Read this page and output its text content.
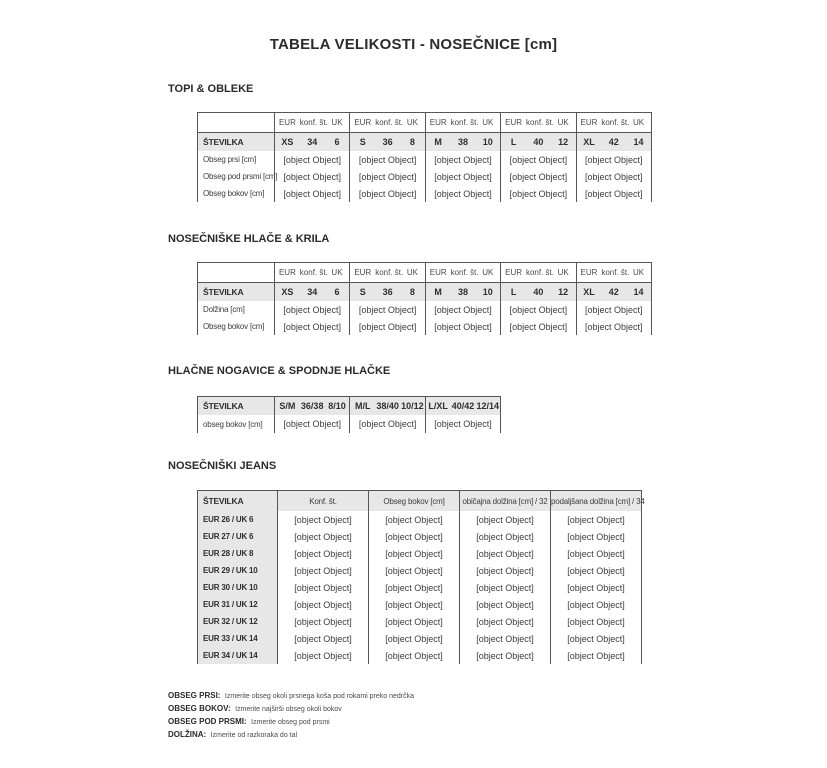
TABELA VELIKOSTI - NOSEČNICE [cm]
TOPI & OBLEKE
	EUR	konf. št.	UK	EUR	konf. št.	UK	EUR	konf. št.	UK	EUR	konf. št.	UK	EUR	konf. št.	UK
ŠTEVILKA	XS	34	6	S	36	8	M	38	10	L	40	12	XL	42	14
Obseg prsi [cm]	[object Object]			[object Object]			[object Object]			[object Object]			[object Object]		
Obseg pod prsmi [cm]	[object Object]			[object Object]			[object Object]			[object Object]			[object Object]		
Obseg bokov [cm]	[object Object]			[object Object]			[object Object]			[object Object]			[object Object]		
NOSEČNIŠKE HLAČE & KRILA
	EUR	konf. št.	UK	EUR	konf. št.	UK	EUR	konf. št.	UK	EUR	konf. št.	UK	EUR	konf. št.	UK
ŠTEVILKA	XS	34	6	S	36	8	M	38	10	L	40	12	XL	42	14
Dolžina [cm]	[object Object]			[object Object]			[object Object]			[object Object]			[object Object]		
Obseg bokov [cm]	[object Object]			[object Object]			[object Object]			[object Object]			[object Object]		
HLAČNE NOGAVICE & SPODNJE HLAČKE
ŠTEVILKA	S/M	36/38	8/10	M/L	38/40	10/12	L/XL	40/42	12/14
obseg bokov [cm]	[object Object]			[object Object]			[object Object]		
NOSEČNIŠKI JEANS
ŠTEVILKA	Konf. št.	Obseg bokov [cm]	običajna dolžina [cm] / 32	podaljšana dolžina [cm] / 34
EUR 26 / UK 6	[object Object]	[object Object]	[object Object]	[object Object]
EUR 27 / UK 6	[object Object]	[object Object]	[object Object]	[object Object]
EUR 28 / UK 8	[object Object]	[object Object]	[object Object]	[object Object]
EUR 29 / UK 10	[object Object]	[object Object]	[object Object]	[object Object]
EUR 30 / UK 10	[object Object]	[object Object]	[object Object]	[object Object]
EUR 31 / UK 12	[object Object]	[object Object]	[object Object]	[object Object]
EUR 32 / UK 12	[object Object]	[object Object]	[object Object]	[object Object]
EUR 33 / UK 14	[object Object]	[object Object]	[object Object]	[object Object]
EUR 34 / UK 14	[object Object]	[object Object]	[object Object]	[object Object]
OBSEG PRSI: Izmerite obseg okoli prsnega koša pod rokami preko nedrčka
OBSEG BOKOV: Izmerite najširši obseg okoli bokov
OBSEG POD PRSMI: Izmerite obseg pod prsmi
DOLŽINA: Izmerite od razkoraka do tal
